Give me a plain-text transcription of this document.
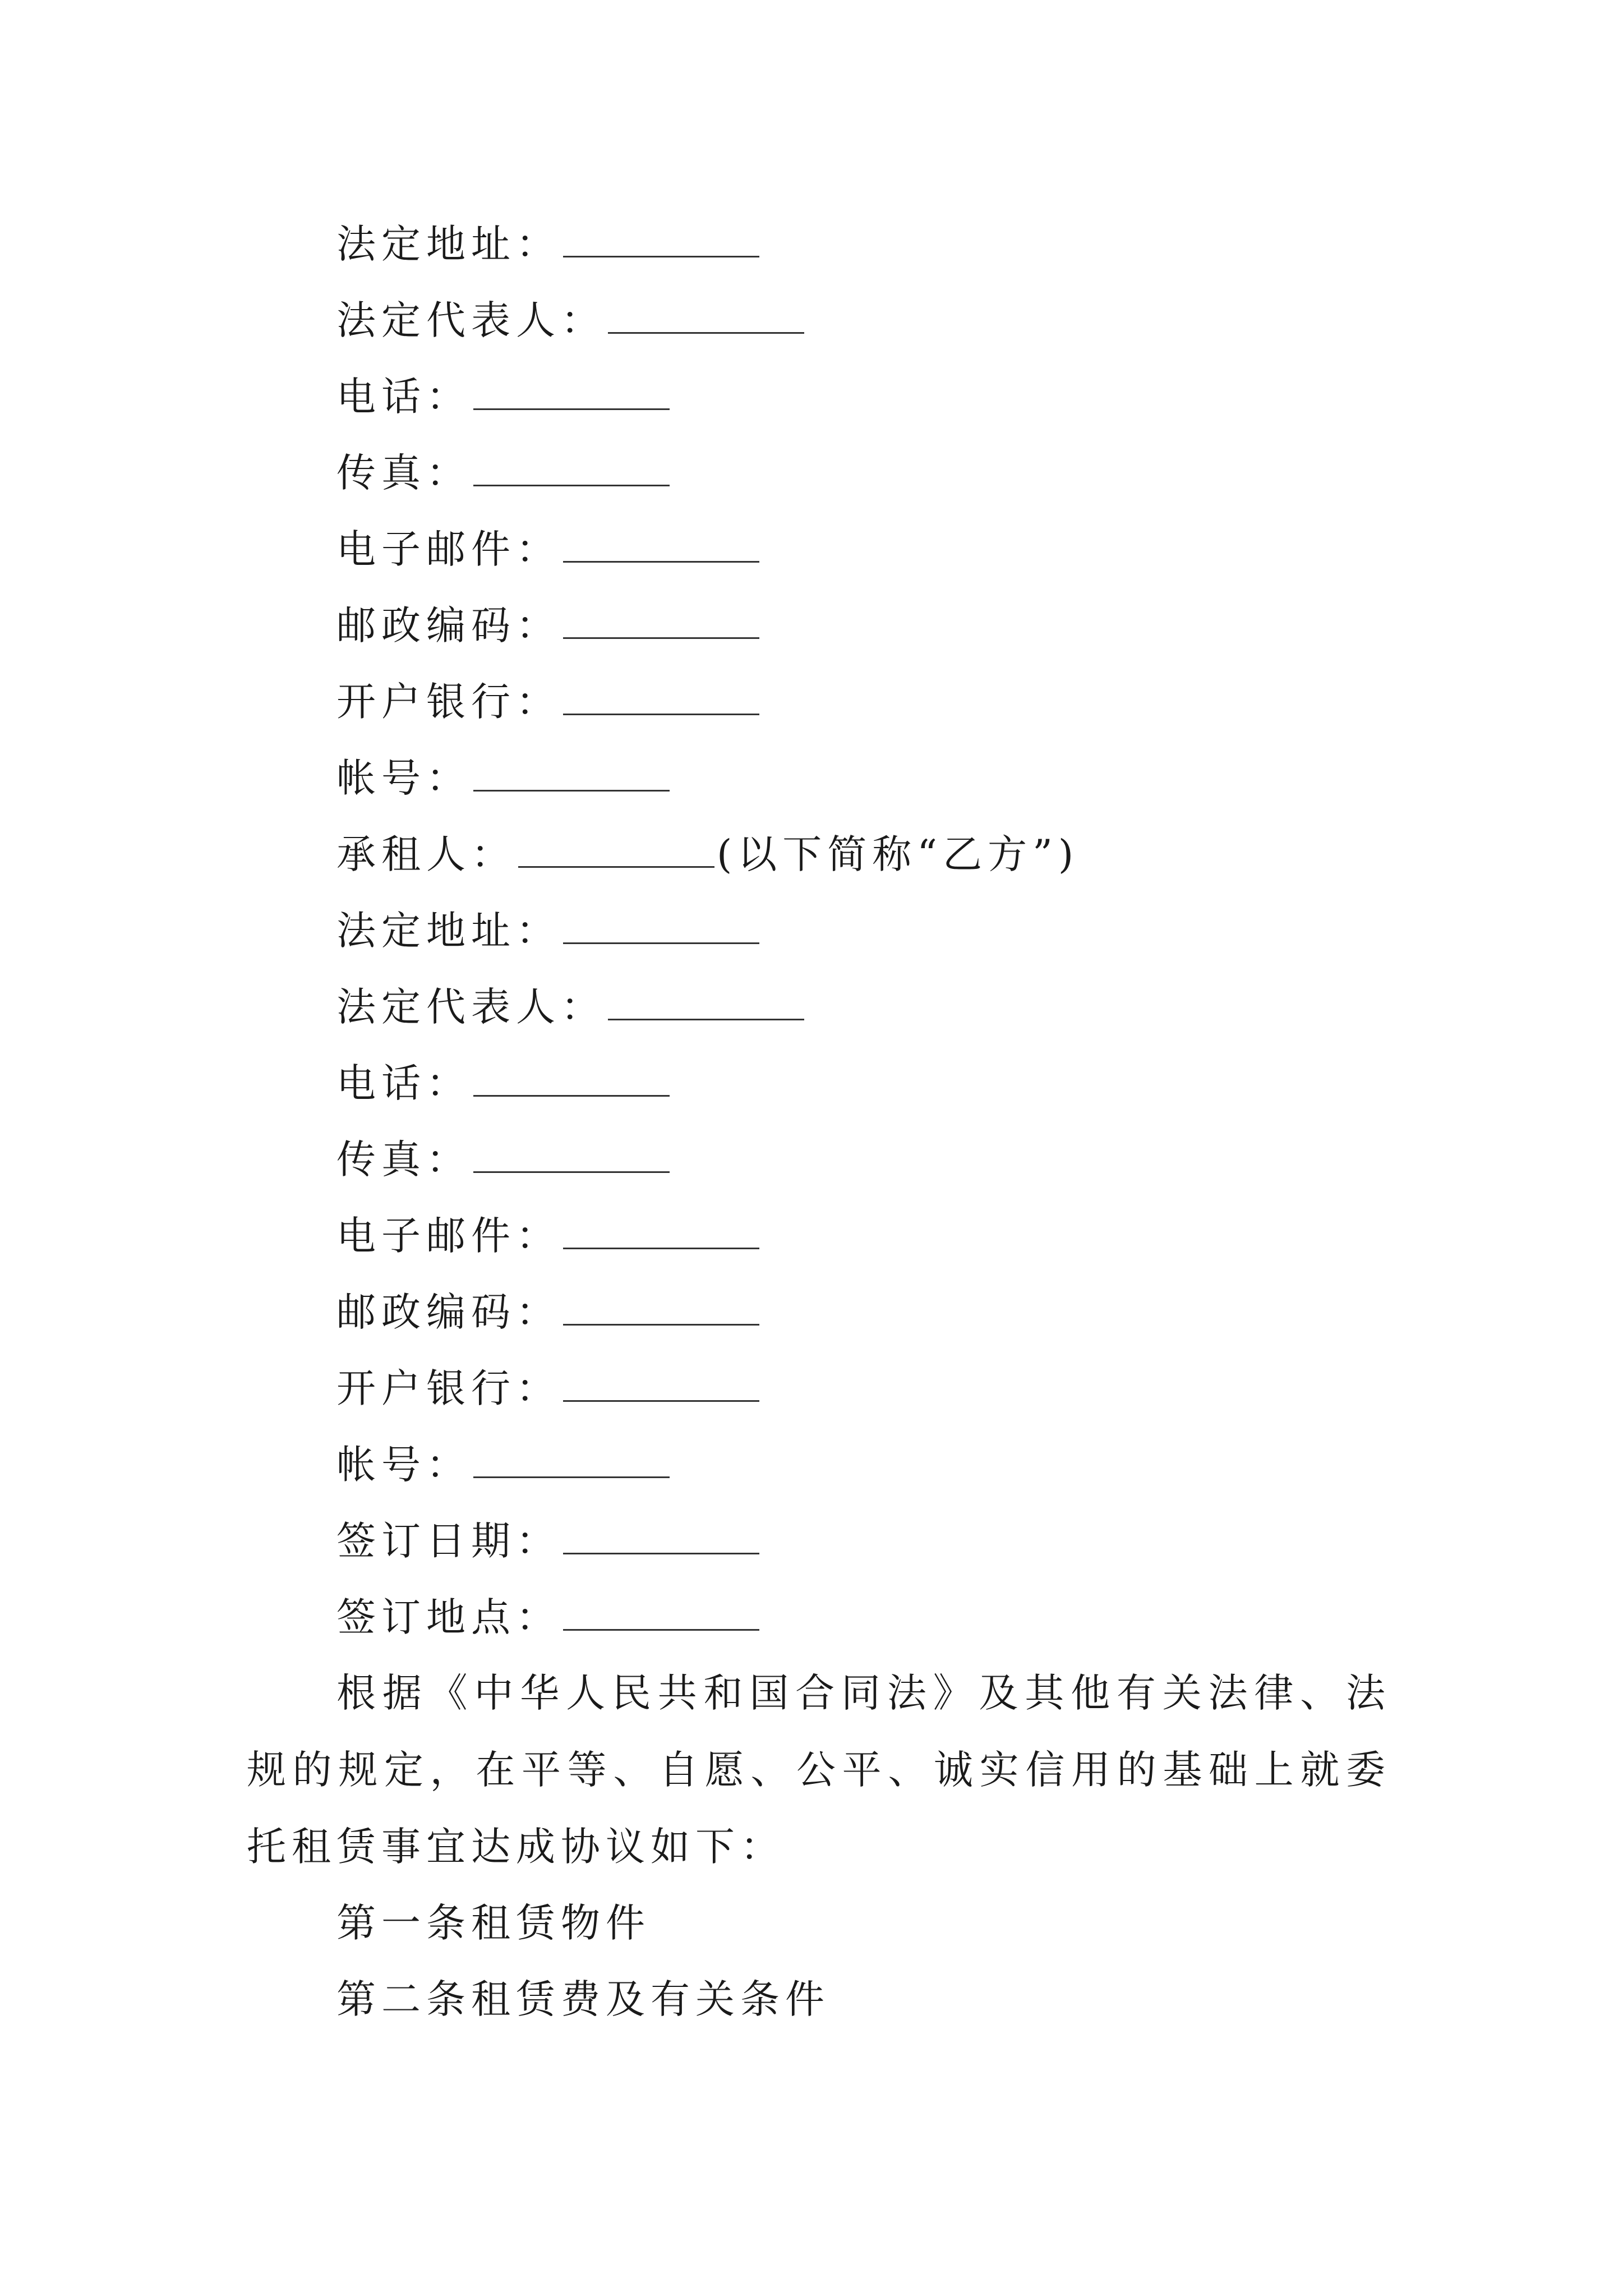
法定地址：
法定代表人：
电话：
传真：
电子邮件：
邮政编码：
开户银行：
帐号：
承租人：	(以下简称“乙方”)
法定地址：
法定代表人：
电话：
传真：
电子邮件：
邮政编码：
开户银行：
帐号：
签订日期：
签订地点：

根据《中华人民共和国合同法》及其他有关法律、法规的规定，在平等、自愿、公平、诚实信用的基础上就委托租赁事宜达成协议如下：

第一条租赁物件

第二条租赁费及有关条件
